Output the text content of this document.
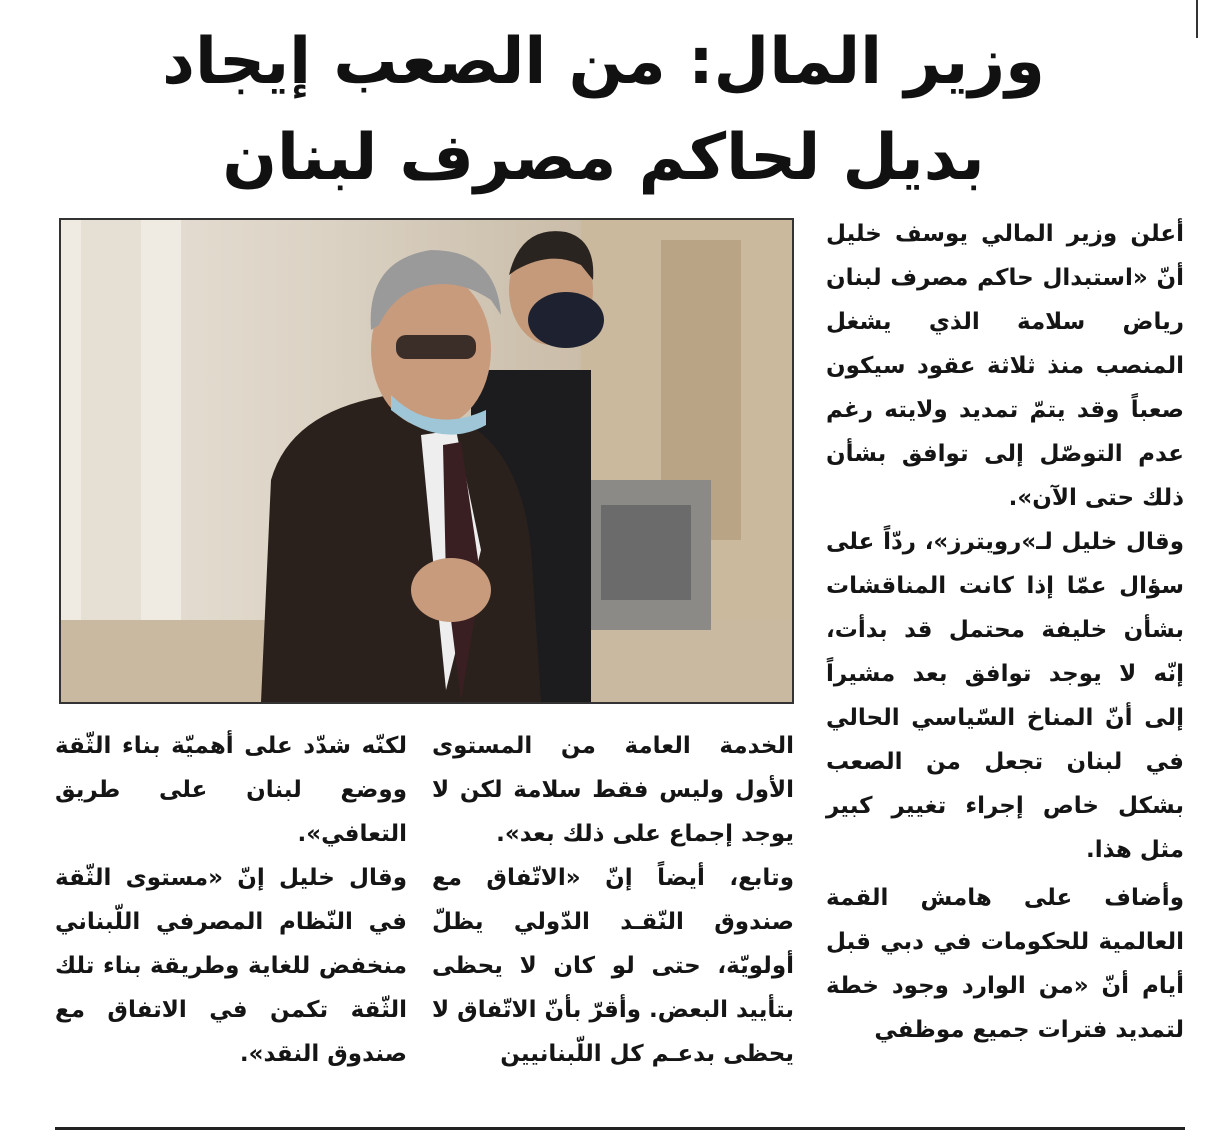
وزير المال: من الصعب إيجاد
بديل لحاكم مصرف لبنان

أعلن وزير المالي يوسف خليل أنّ «استبدال حاكم مصرف لبنان رياض سلامة الذي يشغل المنصب منذ ثلاثة عقود سيكون صعباً وقد يتمّ تمديد ولايته رغم عدم التوصّل إلى توافق بشأن ذلك حتى الآن».

وقال خليل لـ»رويترز»، ردّاً على سؤال عمّا إذا كانت المناقشات بشأن خليفة محتمل قد بدأت، إنّه لا يوجد توافق بعد مشيراً إلى أنّ المناخ السّياسي الحالي في لبنان تجعل من الصعب بشكل خاص إجراء تغيير كبير مثل هذا.

وأضاف على هامش القمة العالمية للحكومات في دبي قبل أيام أنّ «من الوارد وجود خطة لتمديد فترات جميع موظفي

الخدمة العامة من المستوى الأول وليس فقط سلامة لكن لا يوجد إجماع على ذلك بعد».

وتابع، أيضاً إنّ «الاتّفاق مع صندوق النّقـد الدّولي يظلّ أولويّة، حتى لو كان لا يحظى بتأييد البعض. وأقرّ بأنّ الاتّفاق لا يحظى بدعـم كل اللّبنانيين

لكنّه شدّد على أهميّة بناء الثّقة ووضع لبنان على طريق التعافي».

وقال خليل إنّ «مستوى الثّقة في النّظام المصرفي اللّبناني منخفض للغاية وطريقة بناء تلك الثّقة تكمن في الاتفاق مع صندوق النقد».
